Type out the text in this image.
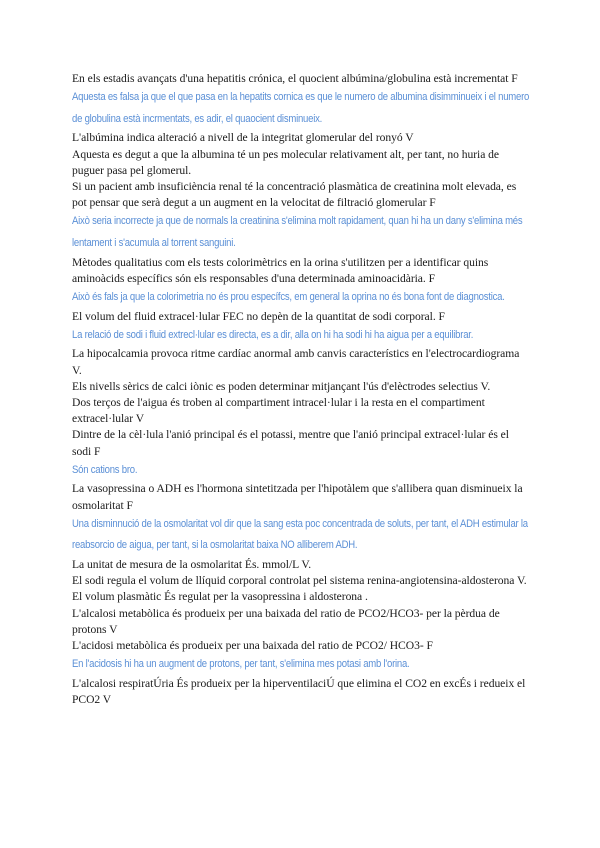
En els estadis avançats d'una hepatitis crónica, el quocient albúmina/globulina està incrementat F

Aquesta es falsa ja que el que pasa en la hepatits cornica es que le numero de albumina disimminueix i el numero de globulina està incrmentats, es adir, el quaocient disminueix.

L'albúmina indica alteració a nivell de la integritat glomerular del ronyó V

Aquesta es degut a que la albumina té un pes molecular relativament alt, per tant, no huria de puguer pasa pel glomerul.

Si un pacient amb insuficiència renal té la concentració plasmàtica de creatinina molt elevada, es pot pensar que serà degut a un augment en la velocitat de filtració glomerular F

Això seria incorrecte ja que de normals la creatinina s'elimina molt rapidament, quan hi ha un dany s'elimina més lentament i s'acumula al torrent sanguini.

Mètodes qualitatius com els tests colorimètrics en la orina s'utilitzen per a identificar quins aminoàcids específics són els responsables d'una determinada aminoacidària. F

Això és fals ja que la colorimetria no és prou específcs, em general la oprina no és bona font de diagnostica.

El volum del fluid extracel·lular FEC no depèn de la quantitat de sodi corporal. F

La relació de sodi i fluid extrecl·lular es directa, es a dir, alla on hi ha sodi hi ha aigua per a equilibrar.

La hipocalcamia provoca ritme cardíac anormal amb canvis característics en l'electrocardiograma V.

Els nivells sèrics de calci iònic es poden determinar mitjançant l'ús d'elèctrodes selectius V.

Dos terços de l'aigua és troben al compartiment intracel·lular i la resta en el compartiment extracel·lular V

Dintre de la cèl·lula l'anió principal és el potassi, mentre que l'anió principal extracel·lular és el sodi F

Són cations bro.

La vasopressina o ADH es l'hormona sintetitzada per l'hipotàlem que s'allibera quan disminueix la osmolaritat F

Una disminnució de la osmolaritat vol dir que la sang esta poc concentrada de soluts, per tant, el ADH estimular la reabsorcio de aigua, per tant, si la osmolaritat baixa NO alliberem ADH.

La unitat de mesura de la osmolaritat És. mmol/L V.

El sodi regula el volum de llíquid corporal controlat pel sistema renina-angiotensina-aldosterona V.

El volum plasmàtic És regulat per la vasopressina i aldosterona .

L'alcalosi metabòlica és produeix per una baixada del ratio de PCO2/HCO3- per la pèrdua de protons V

L'acidosi metabòlica és produeix per una baixada del ratio de PCO2/ HCO3- F

En l'acidosis hi ha un augment de protons, per tant, s'elimina mes potasi amb l'orina.

L'alcalosi respiratÚria És produeix per la hiperventilaciÚ que elimina el CO2 en excÉs i redueix el PCO2 V
